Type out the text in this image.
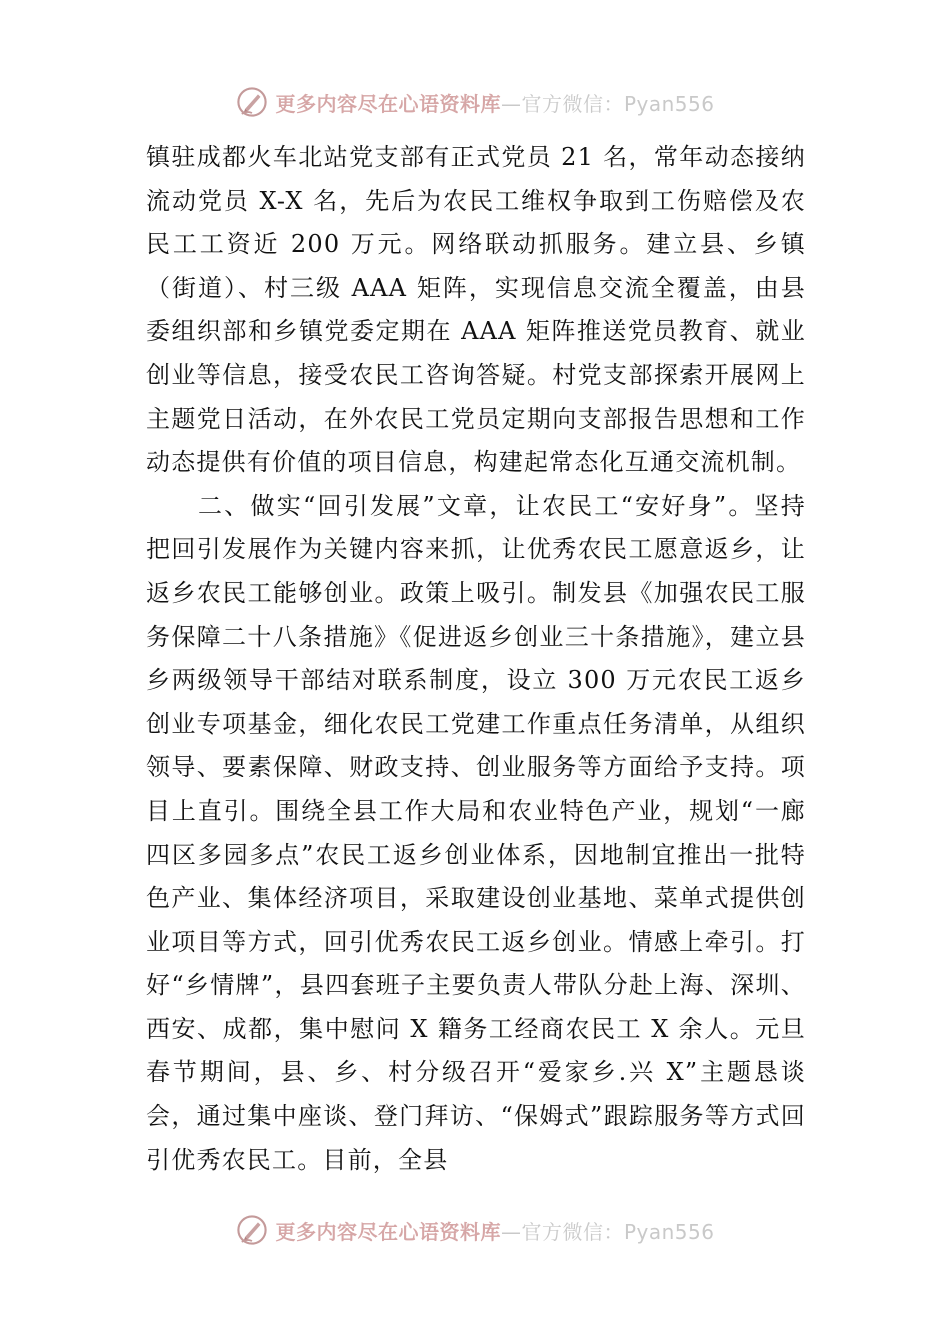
更多内容尽在心语资料库—官方微信：Pyan556

镇驻成都火车北站党支部有正式党员 21 名，常年动态接纳流动党员 X-X 名，先后为农民工维权争取到工伤赔偿及农民工工资近 200 万元。网络联动抓服务。建立县、乡镇（街道）、村三级 AAA 矩阵，实现信息交流全覆盖，由县委组织部和乡镇党委定期在 AAA 矩阵推送党员教育、就业创业等信息，接受农民工咨询答疑。村党支部探索开展网上主题党日活动，在外农民工党员定期向支部报告思想和工作动态提供有价值的项目信息，构建起常态化互通交流机制。

二、做实“回引发展”文章，让农民工“安好身”。坚持把回引发展作为关键内容来抓，让优秀农民工愿意返乡，让返乡农民工能够创业。政策上吸引。制发县《加强农民工服务保障二十八条措施》《促进返乡创业三十条措施》，建立县乡两级领导干部结对联系制度，设立 300 万元农民工返乡创业专项基金，细化农民工党建工作重点任务清单，从组织领导、要素保障、财政支持、创业服务等方面给予支持。项目上直引。围绕全县工作大局和农业特色产业，规划“一廊四区多园多点”农民工返乡创业体系，因地制宜推出一批特色产业、集体经济项目，采取建设创业基地、菜单式提供创业项目等方式，回引优秀农民工返乡创业。情感上牵引。打好“乡情牌”，县四套班子主要负责人带队分赴上海、深圳、西安、成都，集中慰问 X 籍务工经商农民工 X 余人。元旦春节期间，县、乡、村分级召开“爱家乡.兴 X”主题恳谈会，通过集中座谈、登门拜访、“保姆式”跟踪服务等方式回引优秀农民工。目前，全县

更多内容尽在心语资料库—官方微信：Pyan556
